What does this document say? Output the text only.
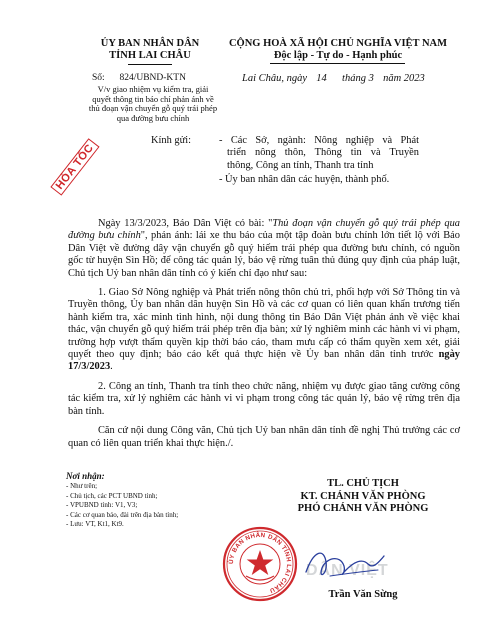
ỦY BAN NHÂN DÂN
TỈNH LAI CHÂU
Số: 824/UBND-KTN
V/v giao nhiệm vụ kiểm tra, giải
quyết thông tin báo chí phản ánh về
thủ đoạn vận chuyển gỗ quý trái phép
qua đường bưu chính
CỘNG HOÀ XÃ HỘI CHỦ NGHĨA VIỆT NAM
Độc lập - Tự do - Hạnh phúc
Lai Châu, ngày 14 tháng 3 năm 2023
HỎA TỐC
Kính gửi:	- Các Sở, ngành: Nông nghiệp và Phát
triển nông thôn, Thông tin và Truyền
thông, Công an tỉnh, Thanh tra tỉnh
- Ủy ban nhân dân các huyện, thành phố.

Ngày 13/3/2023, Báo Dân Việt có bài: "Thủ đoạn vận chuyển gỗ quý trái phép qua đường bưu chính", phản ánh: lái xe thu báo của một tập đoàn bưu chính lớn tiết lộ với Báo Dân Việt về đường dây vận chuyển gỗ quý hiếm trái phép qua đường bưu chính, có nguồn gốc từ huyện Sìn Hồ; để công tác quản lý, bảo vệ rừng tuân thủ đúng quy định của pháp luật, Chủ tịch Uỷ ban nhân dân tỉnh có ý kiến chỉ đạo như sau:

1. Giao Sở Nông nghiệp và Phát triển nông thôn chủ trì, phối hợp với Sở Thông tin và Truyền thông, Ủy ban nhân dân huyện Sìn Hồ và các cơ quan có liên quan khẩn trương tiến hành kiểm tra, xác minh tình hình, nội dung thông tin Báo Dân Việt phản ánh về việc khai thác, vận chuyển gỗ quý hiếm trái phép trên địa bàn; xử lý nghiêm minh các hành vi vi phạm, trường hợp vượt thẩm quyền kịp thời báo cáo, tham mưu cấp có thẩm quyền xem xét, giải quyết theo quy định; báo cáo kết quả thực hiện về Ủy ban nhân dân tỉnh trước ngày 17/3/2023.

2. Công an tỉnh, Thanh tra tỉnh theo chức năng, nhiệm vụ được giao tăng cường công tác kiểm tra, xử lý nghiêm các hành vi vi phạm trong công tác quản lý, bảo vệ rừng trên địa bàn tỉnh.

Căn cứ nội dung Công văn, Chủ tịch Uỷ ban nhân dân tỉnh đề nghị Thủ trưởng các cơ quan có liên quan triển khai thực hiện./.

Nơi nhận:
- Như trên;
- Chủ tịch, các PCT UBND tỉnh;
- VPUBND tỉnh: V1, V3;
- Các cơ quan báo, đài trên địa bàn tỉnh;
- Lưu: VT, Kt1, Kt9.
TL. CHỦ TỊCH
KT. CHÁNH VĂN PHÒNG
PHÓ CHÁNH VĂN PHÒNG
ỦY BAN NHÂN DÂN TỈNH LAI CHÂU
DÂN VIỆT
Trần Văn Sừng
